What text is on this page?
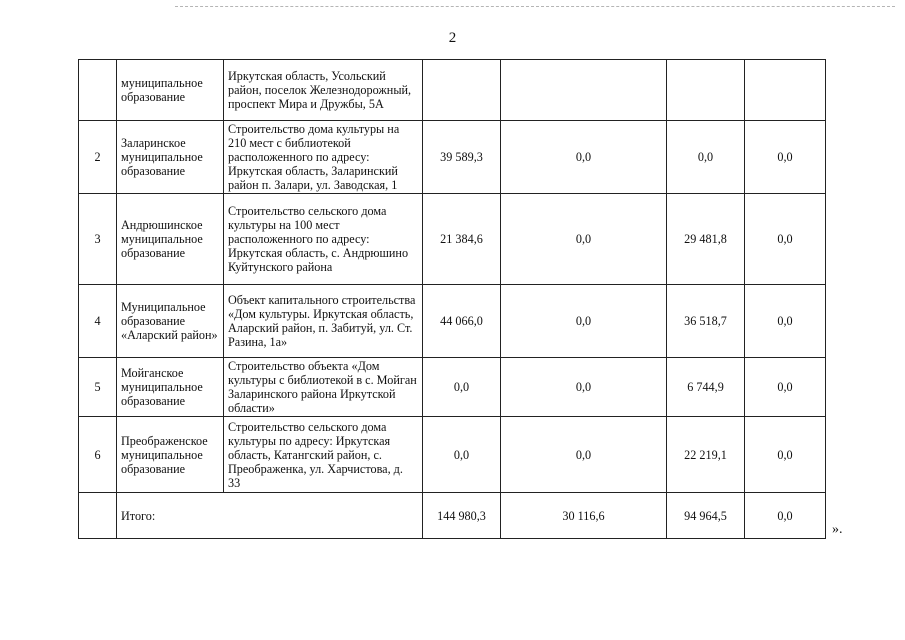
2
	муниципальное образование	Иркутская область, Усольский район, поселок Железнодорожный, проспект Мира и Дружбы, 5А				
2	Заларинское муниципальное образование	Строительство дома культуры на 210 мест с библиотекой расположенного по адресу: Иркутская область, Заларинский район п. Залари, ул. Заводская, 1	39 589,3	0,0	0,0	0,0
3	Андрюшинское муниципальное образование	Строительство сельского дома культуры на 100 мест расположенного по адресу: Иркутская область, с. Андрюшино Куйтунского района	21 384,6	0,0	29 481,8	0,0
4	Муниципальное образование «Аларский район»	Объект капитального строительства «Дом культуры. Иркутская область, Аларский район, п. Забитуй, ул. Ст. Разина, 1а»	44 066,0	0,0	36 518,7	0,0
5	Мойганское муниципальное образование	Строительство объекта «Дом культуры с библиотекой в с. Мойган Заларинского района Иркутской области»	0,0	0,0	6 744,9	0,0
6	Преображенское муниципальное образование	Строительство сельского дома культуры по адресу: Иркутская область, Катангский район, с. Преображенка, ул. Харчистова, д. 33	0,0	0,0	22 219,1	0,0
	Итого:		144 980,3	30 116,6	94 964,5	0,0
».
